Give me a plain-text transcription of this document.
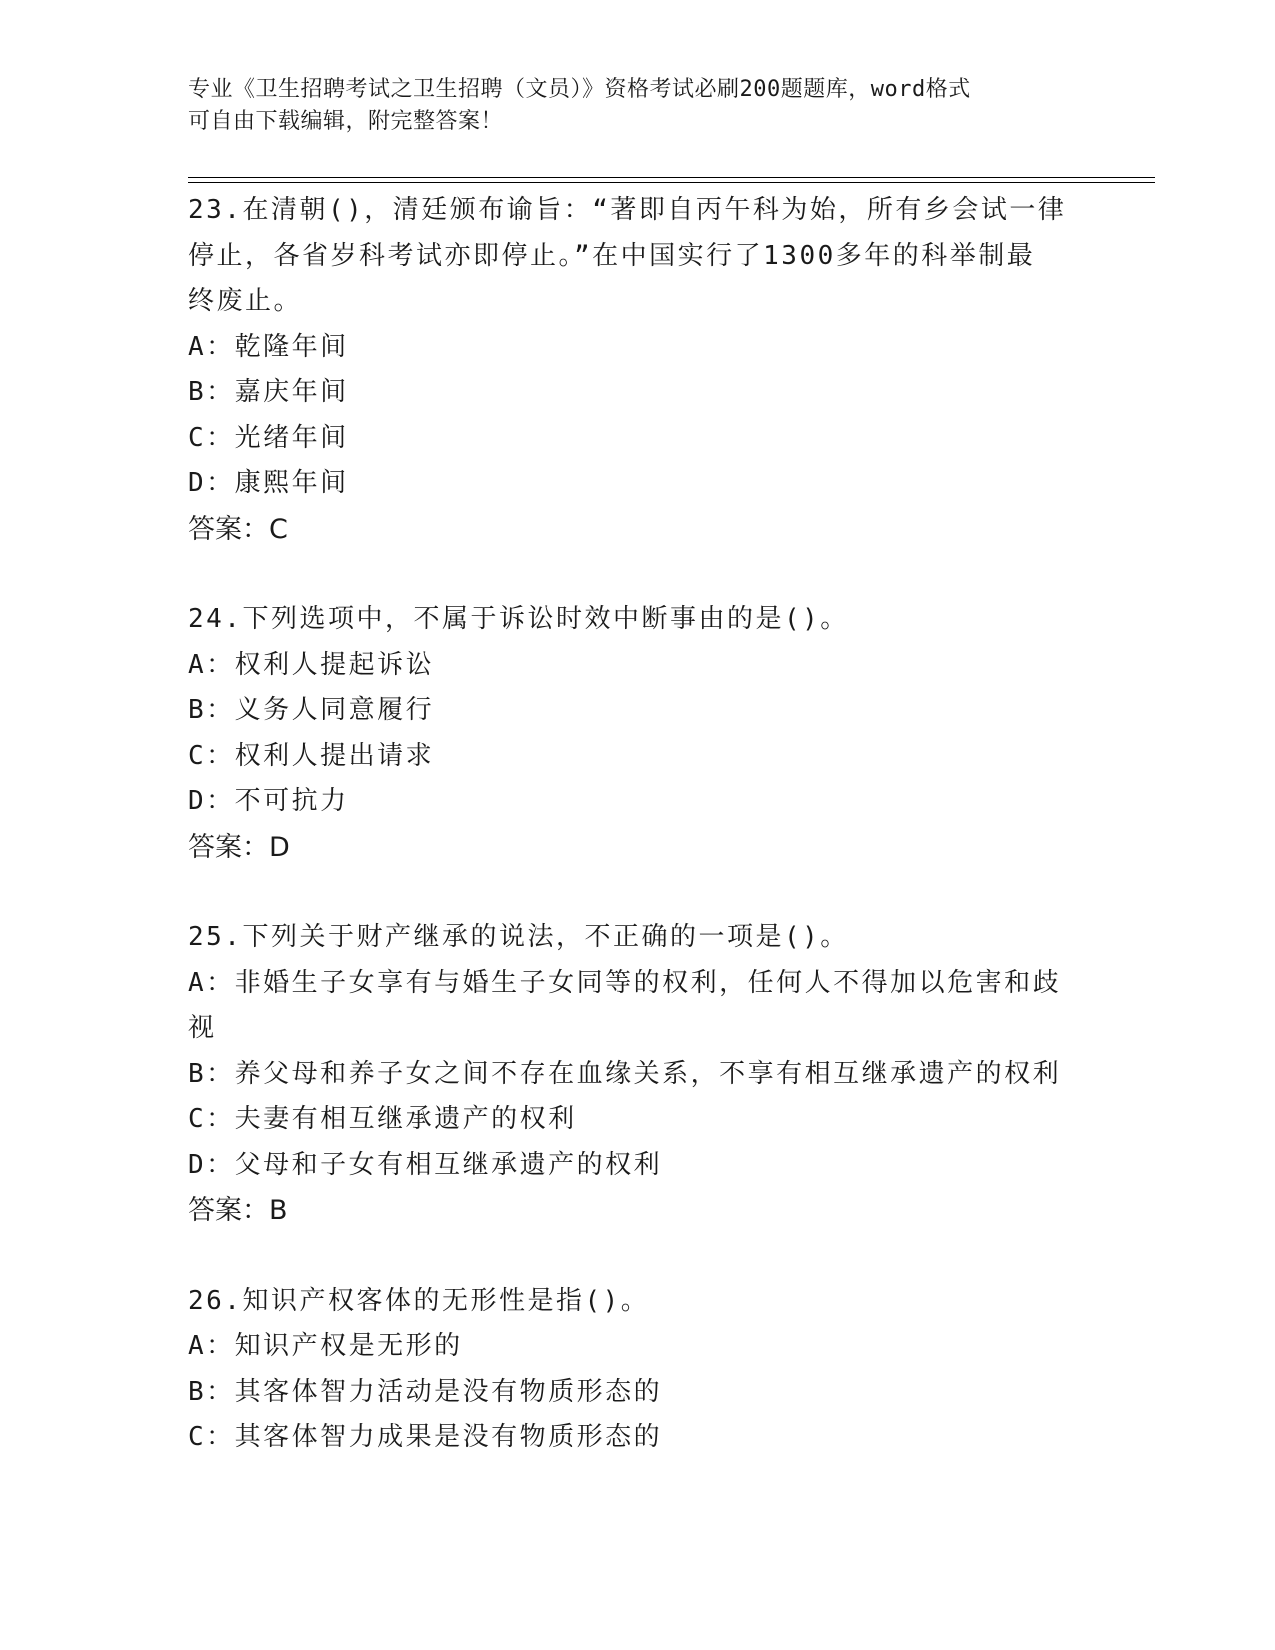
专业《卫生招聘考试之卫生招聘（文员）》资格考试必刷200题题库，word格式
可自由下载编辑，附完整答案！
23.在清朝()，清廷颁布谕旨：“著即自丙午科为始，所有乡会试一律
停止，各省岁科考试亦即停止。”在中国实行了1300多年的科举制最
终废止。
A：乾隆年间
B：嘉庆年间
C：光绪年间
D：康熙年间
答案：C
24.下列选项中，不属于诉讼时效中断事由的是()。
A：权利人提起诉讼
B：义务人同意履行
C：权利人提出请求
D：不可抗力
答案：D
25.下列关于财产继承的说法，不正确的一项是()。
A：非婚生子女享有与婚生子女同等的权利，任何人不得加以危害和歧
视
B：养父母和养子女之间不存在血缘关系，不享有相互继承遗产的权利
C：夫妻有相互继承遗产的权利
D：父母和子女有相互继承遗产的权利
答案：B
26.知识产权客体的无形性是指()。
A：知识产权是无形的
B：其客体智力活动是没有物质形态的
C：其客体智力成果是没有物质形态的
